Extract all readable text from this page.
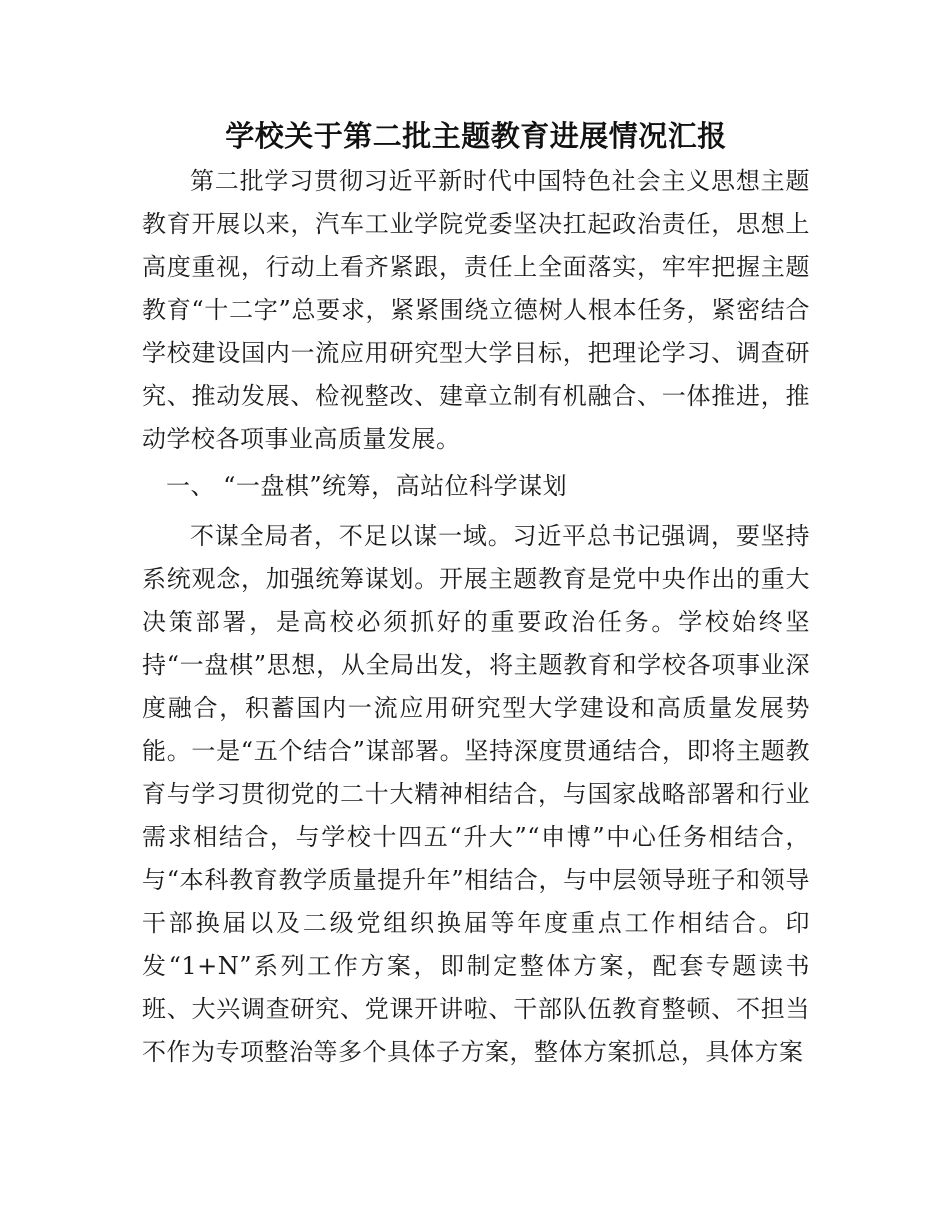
学校关于第二批主题教育进展情况汇报

第二批学习贯彻习近平新时代中国特色社会主义思想主题教育开展以来，汽车工业学院党委坚决扛起政治责任，思想上高度重视，行动上看齐紧跟，责任上全面落实，牢牢把握主题教育“十二字”总要求，紧紧围绕立德树人根本任务，紧密结合学校建设国内一流应用研究型大学目标，把理论学习、调查研究、推动发展、检视整改、建章立制有机融合、一体推进，推动学校各项事业高质量发展。

一、 “一盘棋”统筹，高站位科学谋划

不谋全局者，不足以谋一域。习近平总书记强调，要坚持系统观念，加强统筹谋划。开展主题教育是党中央作出的重大决策部署，是高校必须抓好的重要政治任务。学校始终坚持“一盘棋”思想，从全局出发，将主题教育和学校各项事业深度融合，积蓄国内一流应用研究型大学建设和高质量发展势能。一是“五个结合”谋部署。坚持深度贯通结合，即将主题教育与学习贯彻党的二十大精神相结合，与国家战略部署和行业需求相结合，与学校十四五“升大”“申博”中心任务相结合，与“本科教育教学质量提升年”相结合，与中层领导班子和领导干部换届以及二级党组织换届等年度重点工作相结合。印发“1+N”系列工作方案，即制定整体方案，配套专题读书班、大兴调查研究、党课开讲啦、干部队伍教育整顿、不担当不作为专项整治等多个具体子方案，整体方案抓总，具体方案
